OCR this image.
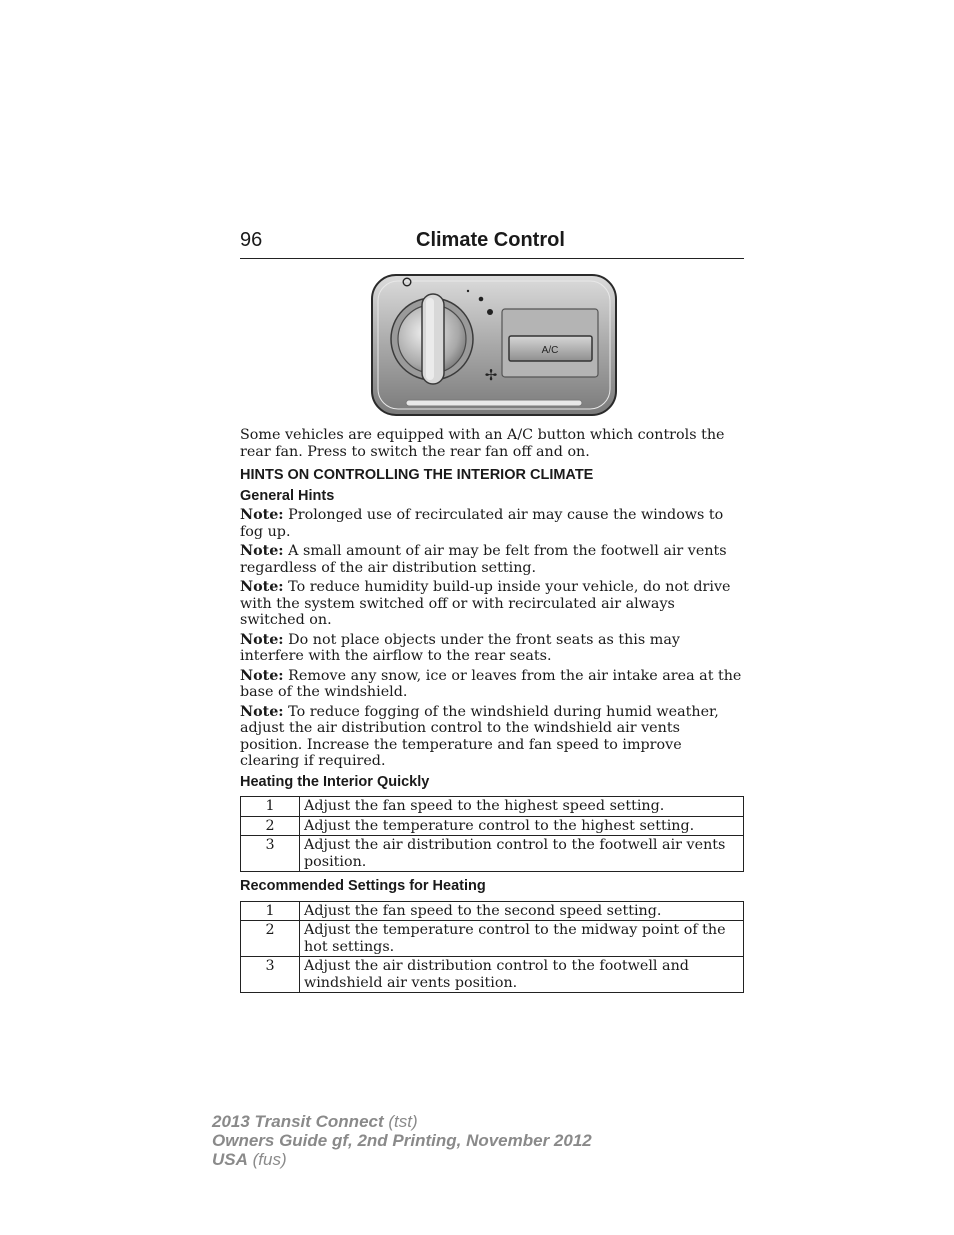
96	Climate Control
✢
A/C

Some vehicles are equipped with an A/C button which controls the rear fan. Press to switch the rear fan off and on.

HINTS ON CONTROLLING THE INTERIOR CLIMATE
General Hints

Note: Prolonged use of recirculated air may cause the windows to fog up.

Note: A small amount of air may be felt from the footwell air vents regardless of the air distribution setting.

Note: To reduce humidity build-up inside your vehicle, do not drive with the system switched off or with recirculated air always switched on.

Note: Do not place objects under the front seats as this may interfere with the airflow to the rear seats.

Note: Remove any snow, ice or leaves from the air intake area at the base of the windshield.

Note: To reduce fogging of the windshield during humid weather, adjust the air distribution control to the windshield air vents position. Increase the temperature and fan speed to improve clearing if required.

Heating the Interior Quickly
1	Adjust the fan speed to the highest speed setting.
2	Adjust the temperature control to the highest setting.
3	Adjust the air distribution control to the footwell air vents position.
Recommended Settings for Heating
1	Adjust the fan speed to the second speed setting.
2	Adjust the temperature control to the midway point of the hot settings.
3	Adjust the air distribution control to the footwell and windshield air vents position.
2013 Transit Connect (tst)
Owners Guide gf, 2nd Printing, November 2012
USA (fus)
